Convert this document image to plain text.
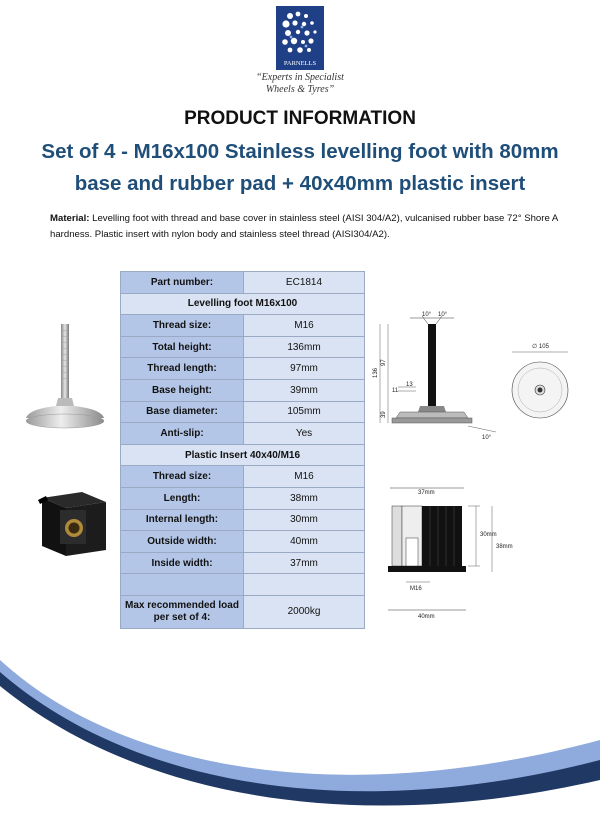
PARNELLS
“Experts in Specialist
Wheels & Tyres”
PRODUCT INFORMATION
Set of 4 - M16x100 Stainless levelling foot with 80mm
base and rubber pad + 40x40mm plastic insert
Material: Levelling foot with thread and base cover in stainless steel (AISI 304/A2), vulcanised rubber base 72° Shore A hardness. Plastic insert with nylon body and stainless steel thread (AISI304/A2).
Part number:	EC1814
Levelling foot M16x100	
Thread size:	M16
Total height:	136mm
Thread length:	97mm
Base height:	39mm
Base diameter:	105mm
Anti-slip:	Yes
Plastic Insert 40x40/M16	
Thread size:	M16
Length:	38mm
Internal length:	30mm
Outside width:	40mm
Inside width:	37mm

Max recommended load
per set of 4:	2000kg
10° 10°
136
97
39
11
13
10°
∅ 105
37mm
30mm
38mm
M16
40mm
